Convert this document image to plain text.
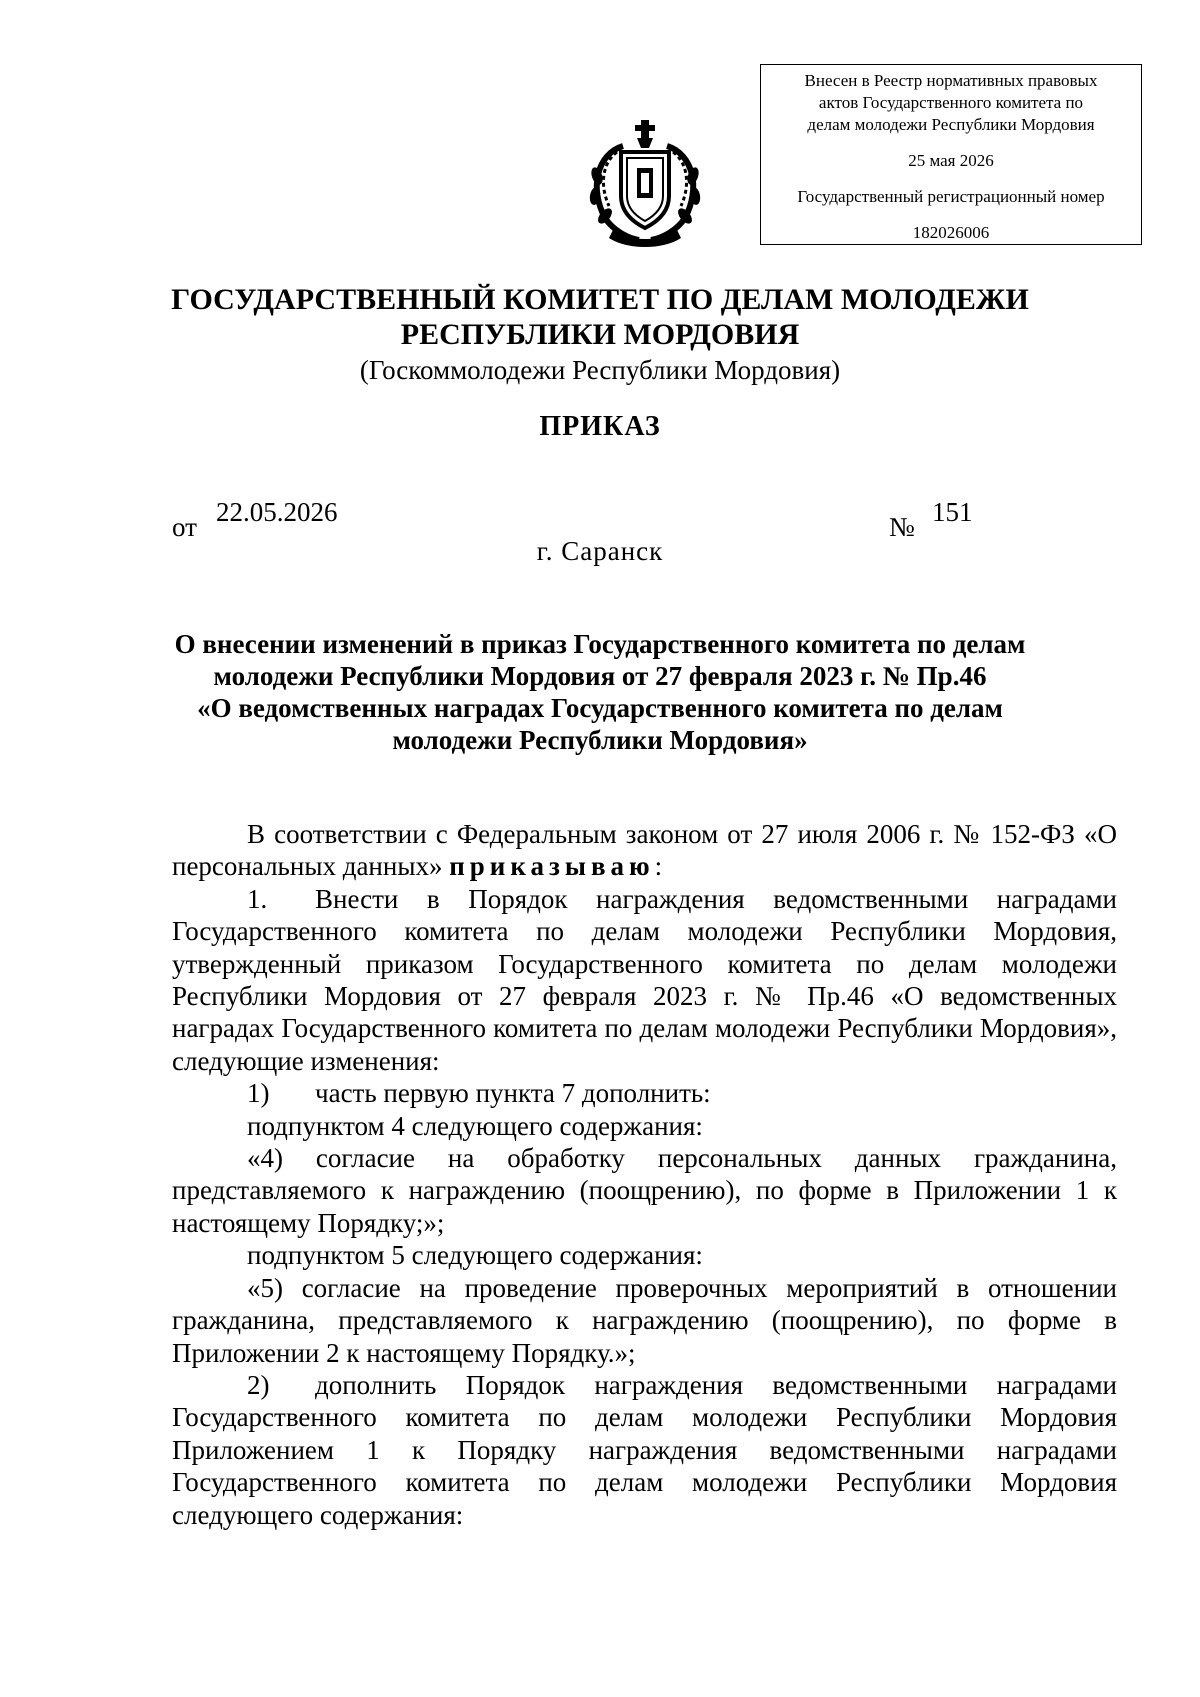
Внесен в Реестр нормативных правовых
актов Государственного комитета по
делам молодежи Республики Мордовия
25 мая 2026
Государственный регистрационный номер
182026006
ГОСУДАРСТВЕННЫЙ КОМИТЕТ ПО ДЕЛАМ МОЛОДЕЖИ
РЕСПУБЛИКИ МОРДОВИЯ
(Госкоммолодежи Республики Мордовия)
ПРИКАЗ
от 22.05.2026	№ 151
г. Саранск
О внесении изменений в приказ Государственного комитета по делам
молодежи Республики Мордовия от 27 февраля 2023 г. № Пр.46
«О ведомственных наградах Государственного комитета по делам
молодежи Республики Мордовия»

В соответствии с Федеральным законом от 27 июля 2006 г. № 152-ФЗ «О персональных данных» приказываю:

1. Внести в Порядок награждения ведомственными наградами Государственного комитета по делам молодежи Республики Мордовия, утвержденный приказом Государственного комитета по делам молодежи Республики Мордовия от 27 февраля 2023 г. № Пр.46 «О ведомственных наградах Государственного комитета по делам молодежи Республики Мордовия», следующие изменения:

1) часть первую пункта 7 дополнить:

подпунктом 4 следующего содержания:

«4) согласие на обработку персональных данных гражданина, представляемого к награждению (поощрению), по форме в Приложении 1 к настоящему Порядку;»;

подпунктом 5 следующего содержания:

«5) согласие на проведение проверочных мероприятий в отношении гражданина, представляемого к награждению (поощрению), по форме в Приложении 2 к настоящему Порядку.»;

2) дополнить Порядок награждения ведомственными наградами Государственного комитета по делам молодежи Республики Мордовия Приложением 1 к Порядку награждения ведомственными наградами Государственного комитета по делам молодежи Республики Мордовия следующего содержания:
